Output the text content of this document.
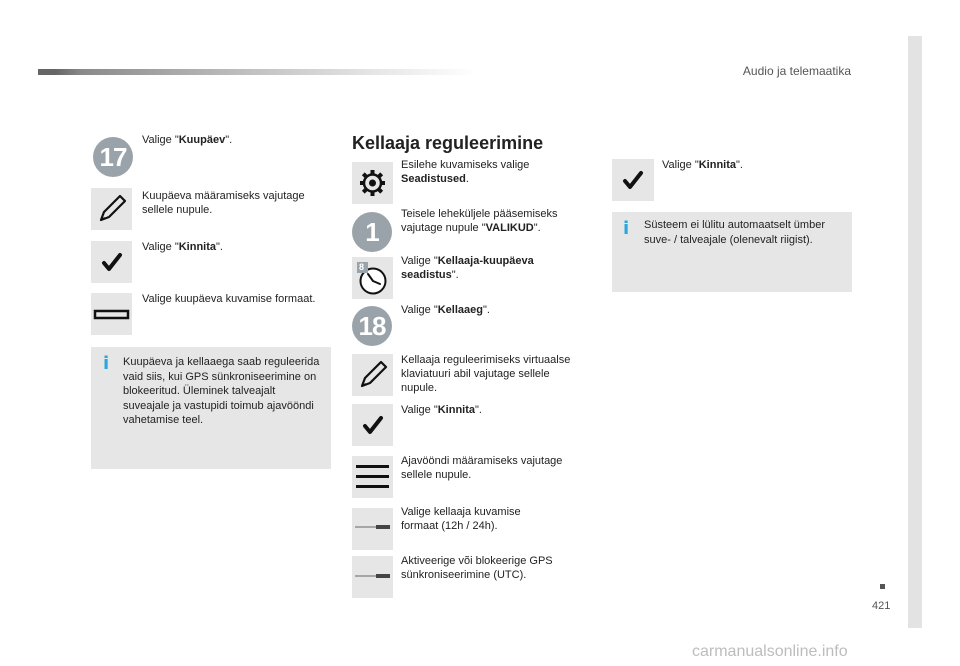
Audio ja telemaatika
421
17
Valige "Kuupäev".
Kuupäeva määramiseks vajutage sellele nupule.
Valige "Kinnita".
Valige kuupäeva kuvamise formaat.
i Kuupäeva ja kellaaega saab reguleerida vaid siis, kui GPS sünkroniseerimine on blokeeritud. Üleminek talveajalt suveajale ja vastupidi toimub ajavööndi vahetamise teel.
Kellaaja reguleerimine
Esilehe kuvamiseks valige Seadistused.
1
Teisele leheküljele pääsemiseks vajutage nupule "VALIKUD".
8	Valige "Kellaaja-kuupäeva seadistus".
18
Valige "Kellaaeg".
Kellaaja reguleerimiseks virtuaalse klaviatuuri abil vajutage sellele nupule.
Valige "Kinnita".
Ajavööndi määramiseks vajutage sellele nupule.
Valige kellaaja kuvamise formaat (12h / 24h).
Aktiveerige või blokeerige GPS sünkroniseerimine (UTC).
Valige "Kinnita".
i Süsteem ei lülitu automaatselt ümber suve- / talveajale (olenevalt riigist).
carmanualsonline.info
